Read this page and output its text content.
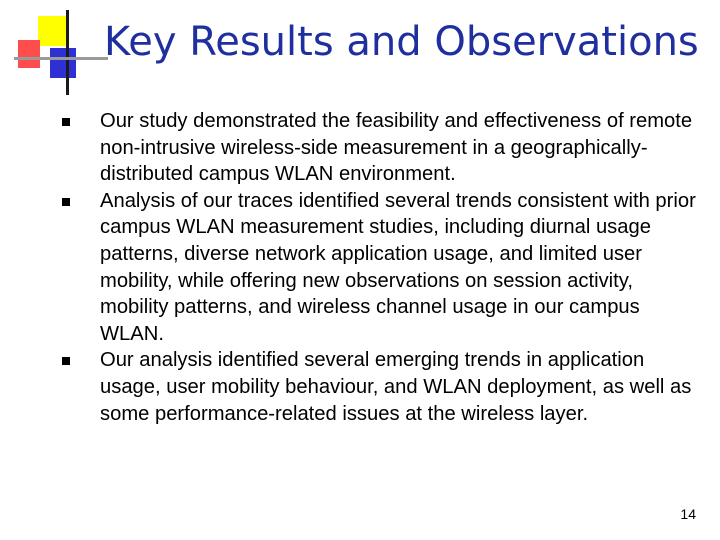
Key Results and Observations
Our study demonstrated the feasibility and effectiveness of remote non-intrusive wireless-side measurement in a geographically-distributed campus WLAN environment.
Analysis of our traces identified several trends consistent with prior campus WLAN measurement studies, including diurnal usage patterns, diverse network application usage, and limited user mobility, while offering new observations on session activity, mobility patterns, and wireless channel usage in our campus WLAN.
Our analysis identified several emerging trends in application usage, user mobility behaviour, and WLAN deployment, as well as some performance-related issues at the wireless layer.
14
